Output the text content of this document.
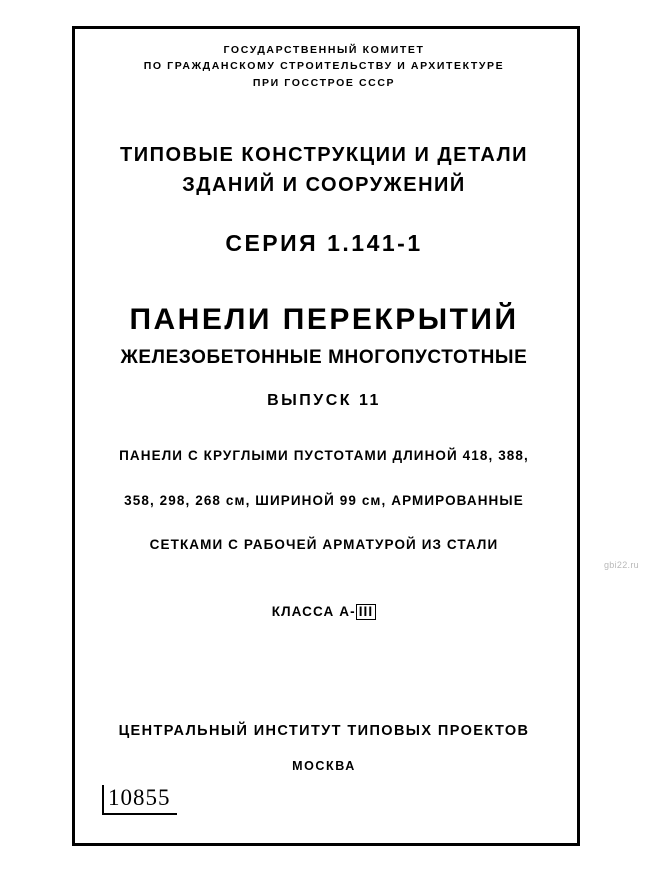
ГОСУДАРСТВЕННЫЙ КОМИТЕТ
ПО ГРАЖДАНСКОМУ СТРОИТЕЛЬСТВУ И АРХИТЕКТУРЕ
ПРИ ГОССТРОЕ СССР
ТИПОВЫЕ КОНСТРУКЦИИ И ДЕТАЛИ
ЗДАНИЙ И СООРУЖЕНИЙ
СЕРИЯ 1.141-1
ПАНЕЛИ ПЕРЕКРЫТИЙ
ЖЕЛЕЗОБЕТОННЫЕ МНОГОПУСТОТНЫЕ
ВЫПУСК 11

ПАНЕЛИ С КРУГЛЫМИ ПУСТОТАМИ ДЛИНОЙ 418, 388,

358, 298, 268 см, ШИРИНОЙ 99 см, АРМИРОВАННЫЕ

СЕТКАМИ С РАБОЧЕЙ АРМАТУРОЙ ИЗ СТАЛИ

КЛАССА А- III

ЦЕНТРАЛЬНЫЙ ИНСТИТУТ ТИПОВЫХ ПРОЕКТОВ
МОСКВА
10855
gbi22.ru
